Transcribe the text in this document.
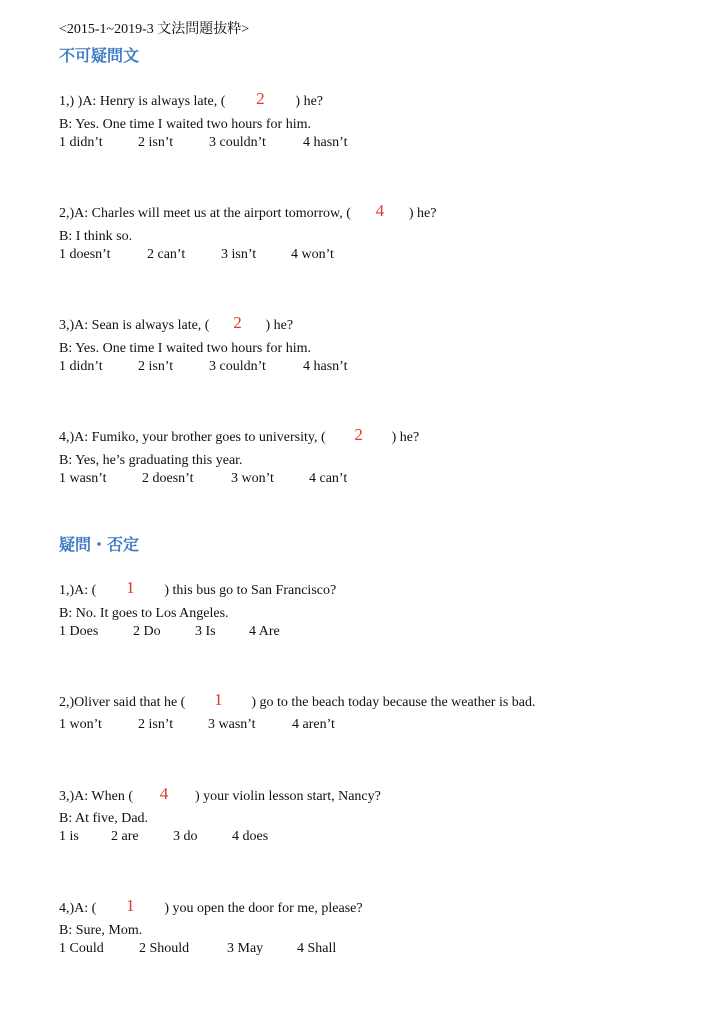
<2015-1~2019-3 文法問題抜粋>
不可疑問文
1,) )A: Henry is always late, (	2	) he?
B: Yes. One time I waited two hours for him.
1 didn’t	2 isn’t	3 couldn’t	4 hasn’t
2,)A: Charles will meet us at the airport tomorrow, (	4	) he?
B: I think so.
1 doesn’t	2 can’t	3 isn’t	4 won’t
3,)A: Sean is always late, (	2	) he?
B: Yes. One time I waited two hours for him.
1 didn’t	2 isn’t	3 couldn’t	4 hasn’t
4,)A: Fumiko, your brother goes to university, (	2	) he?
B: Yes, he’s graduating this year.
1 wasn’t	2 doesn’t	3 won’t	4 can’t
疑問・否定
1,)A: (	1	) this bus go to San Francisco?
B: No. It goes to Los Angeles.
1 Does	2 Do	3 Is	4 Are
2,)Oliver said that he (	1	) go to the beach today because the weather is bad.
1 won’t	2 isn’t	3 wasn’t	4 aren’t
3,)A: When (	4	) your violin lesson start, Nancy?
B: At five, Dad.
1 is	2 are	3 do	4 does
4,)A: (	1	) you open the door for me, please?
B: Sure, Mom.
1 Could	2 Should	3 May	4 Shall
